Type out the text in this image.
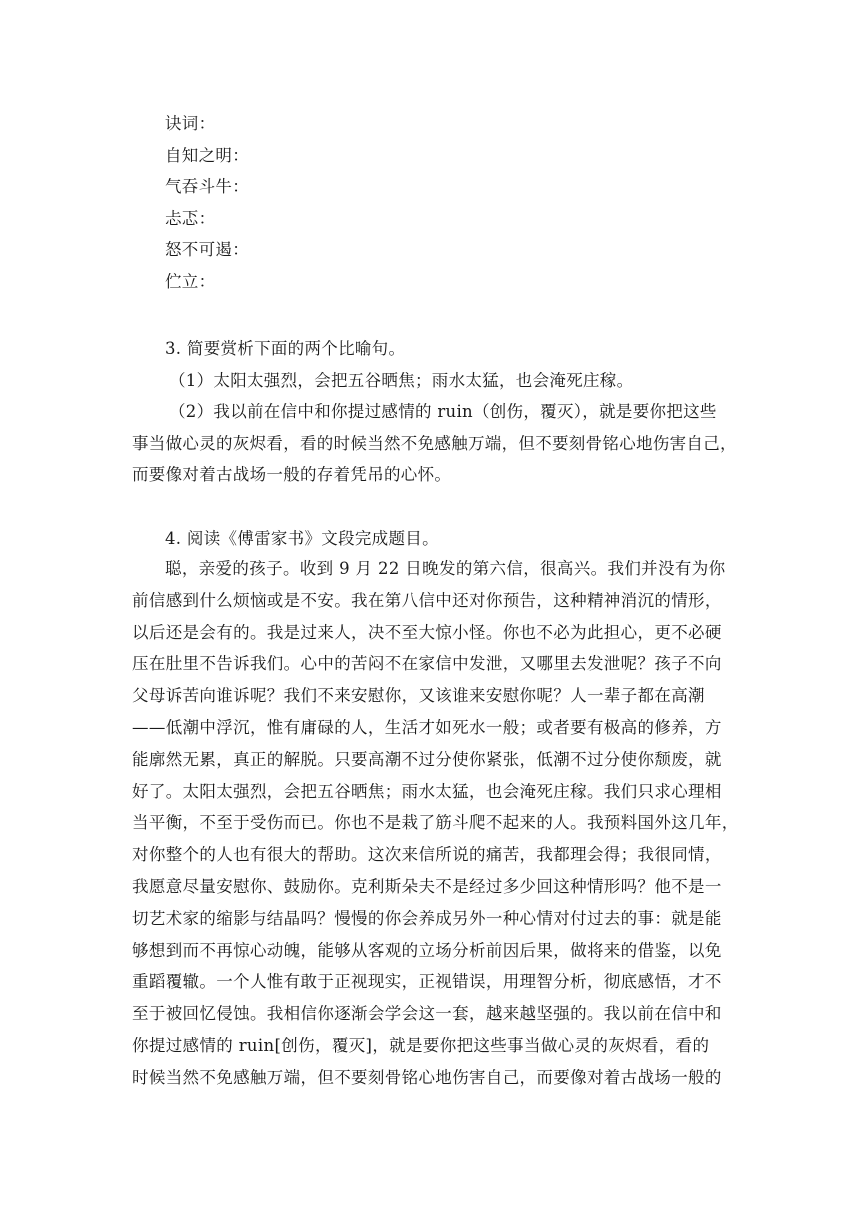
诀词：
自知之明：
气吞斗牛：
忐忑：
怒不可遏：
伫立：
3. 简要赏析下面的两个比喻句。
（1）太阳太强烈，会把五谷晒焦；雨水太猛，也会淹死庄稼。
（2）我以前在信中和你提过感情的 ruin（创伤，覆灭），就是要你把这些
事当做心灵的灰烬看，看的时候当然不免感触万端，但不要刻骨铭心地伤害自己，
而要像对着古战场一般的存着凭吊的心怀。
4. 阅读《傅雷家书》文段完成题目。
聪，亲爱的孩子。收到 9 月 22 日晚发的第六信，很高兴。我们并没有为你
前信感到什么烦恼或是不安。我在第八信中还对你预告，这种精神消沉的情形，
以后还是会有的。我是过来人，决不至大惊小怪。你也不必为此担心，更不必硬
压在肚里不告诉我们。心中的苦闷不在家信中发泄，又哪里去发泄呢？孩子不向
父母诉苦向谁诉呢？我们不来安慰你，又该谁来安慰你呢？人一辈子都在高潮
——低潮中浮沉，惟有庸碌的人，生活才如死水一般；或者要有极高的修养，方
能廓然无累，真正的解脱。只要高潮不过分使你紧张，低潮不过分使你颓废，就
好了。太阳太强烈，会把五谷晒焦；雨水太猛，也会淹死庄稼。我们只求心理相
当平衡，不至于受伤而已。你也不是栽了筋斗爬不起来的人。我预料国外这几年，
对你整个的人也有很大的帮助。这次来信所说的痛苦，我都理会得；我很同情，
我愿意尽量安慰你、鼓励你。克利斯朵夫不是经过多少回这种情形吗？他不是一
切艺术家的缩影与结晶吗？慢慢的你会养成另外一种心情对付过去的事：就是能
够想到而不再惊心动魄，能够从客观的立场分析前因后果，做将来的借鉴，以免
重蹈覆辙。一个人惟有敢于正视现实，正视错误，用理智分析，彻底感悟，才不
至于被回忆侵蚀。我相信你逐渐会学会这一套，越来越坚强的。我以前在信中和
你提过感情的 ruin[创伤，覆灭]，就是要你把这些事当做心灵的灰烬看，看的
时候当然不免感触万端，但不要刻骨铭心地伤害自己，而要像对着古战场一般的
